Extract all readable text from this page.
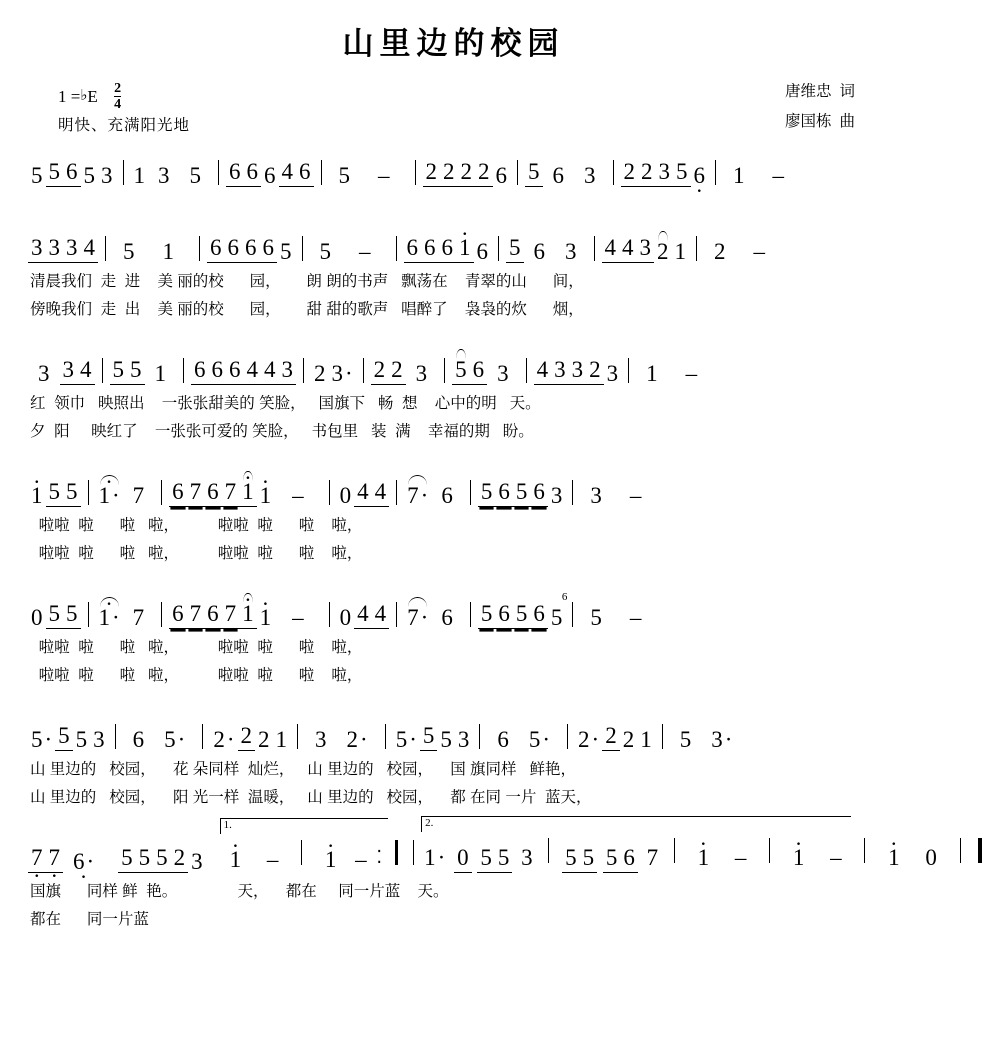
山里边的校园
1 =♭E $\frac{2}{4}$
明快、充满阳光地
唐维忠 词
廖国栋 曲
5 5 6 5 3 1 3 5	6 6 6 4 6	5	–	2 2 2 2 6 5 6 3	2 2 3 5 · 6	1	–
3 3 3 4	5	1	6 6 6 6 5	5	–	6 6 6 1 · 6 5 6 3	4 4 3 2 1	2	–
清晨我们  走  进    美 丽的校      园，      朗 朗的书声   飘荡在    青翠的山      间，
傍晚我们  走  出    美 丽的校      园，      甜 甜的歌声   唱醉了    袅袅的炊      烟，
3 3 4 5 5 1	6 6 6 4 4 3 2 3· 2 2 3	5 6 3	4 3 3 2 3	1	–
红  领巾   映照出    一张张甜美的 笑脸，   国旗下   畅  想    心中的明   天。
夕  阳     映红了    一张张可爱的 笑脸，   书包里   装  满    幸福的期   盼。
1 · 5 5 1· · 7	6 7 6 7 1 · 1 · –	0 4 4 7· 6	5 6 5 6 3	3	–
啦啦  啦      啦   啦，         啦啦  啦      啦    啦，
啦啦  啦      啦   啦，         啦啦  啦      啦    啦，
0 5 5 1· · 7	6 7 6 7 1 · 1 · –	0 4 4 7· 6	5 6 5 6
6
5	5	–
啦啦  啦      啦   啦，         啦啦  啦      啦    啦，
啦啦  啦      啦   啦，         啦啦  啦      啦    啦，
5· 5 5 3	6 5·	2· 2 2 1	3 2·	5· 5 5 3	6 5·	2· 2 2 1	5 3·
山 里边的   校园，    花 朵同样  灿烂，   山 里边的   校园，    国 旗同样   鲜艳，
山 里边的   校园，    阳 光一样  温暖，   山 里边的   校园，    都 在同 一片  蓝天，
· 7 · 7 · 6·	5 5 5 2 3
1.
1 · – 1 · – ⁚
2.
1· 0 5 5 3 5 5 5 6 7 1 · – 1 · – 1 · 0
国旗      同样 鲜  艳。              天，    都在     同一片蓝    天。
都在      同一片蓝
